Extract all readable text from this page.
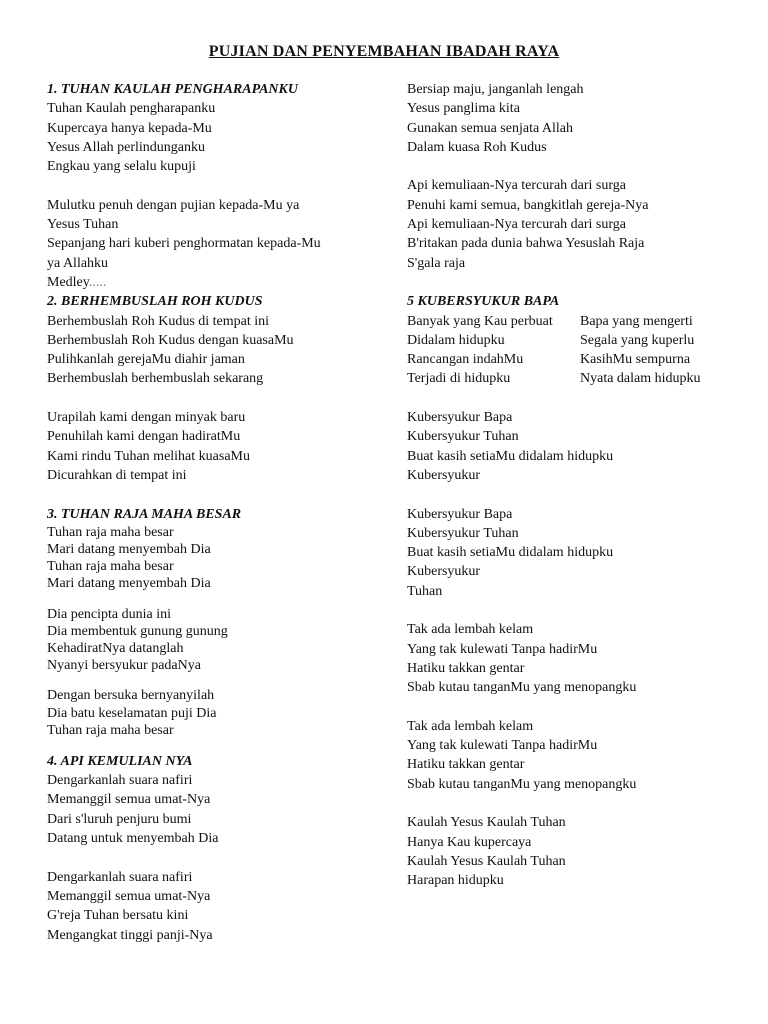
PUJIAN DAN PENYEMBAHAN IBADAH RAYA
1. TUHAN KAULAH PENGHARAPANKU
Tuhan Kaulah pengharapanku
Kupercaya hanya kepada-Mu
Yesus Allah perlindunganku
Engkau yang selalu kupuji
Mulutku penuh dengan pujian kepada-Mu ya
Yesus Tuhan
Sepanjang hari kuberi penghormatan kepada-Mu
ya Allahku
Medley.....
2. BERHEMBUSLAH ROH KUDUS
Berhembuslah Roh Kudus di tempat ini
Berhembuslah Roh Kudus dengan kuasaMu
Pulihkanlah gerejaMu diahir jaman
Berhembuslah berhembuslah sekarang
Urapilah kami dengan minyak baru
Penuhilah kami dengan hadiratMu
Kami rindu Tuhan melihat kuasaMu
Dicurahkan di tempat ini
3. TUHAN RAJA MAHA BESAR
Tuhan raja maha besar
Mari datang menyembah Dia
Tuhan raja maha besar
Mari datang menyembah Dia
Dia pencipta dunia ini
Dia membentuk gunung gunung
KehadiratNya datanglah
Nyanyi bersyukur padaNya
Dengan bersuka bernyanyilah
Dia batu keselamatan puji Dia
Tuhan raja maha besar
4. API KEMULIAN NYA
Dengarkanlah suara nafiri
Memanggil semua umat-Nya
Dari s'luruh penjuru bumi
Datang untuk menyembah Dia
Dengarkanlah suara nafiri
Memanggil semua umat-Nya
G'reja Tuhan bersatu kini
Mengangkat tinggi panji-Nya
Bersiap maju, janganlah lengah
Yesus panglima kita
Gunakan semua senjata Allah
Dalam kuasa Roh Kudus
Api kemuliaan-Nya tercurah dari surga
Penuhi kami semua, bangkitlah gereja-Nya
Api kemuliaan-Nya tercurah dari surga
B'ritakan pada dunia bahwa Yesuslah Raja
S'gala raja
5 KUBERSYUKUR BAPA
Banyak yang Kau perbuat	Bapa yang mengerti
Didalam hidupku	Segala yang kuperlu
Rancangan indahMu	KasihMu sempurna
Terjadi di hidupku	Nyata dalam hidupku
Kubersyukur Bapa
Kubersyukur Tuhan
Buat kasih setiaMu didalam hidupku
Kubersyukur
Kubersyukur Bapa
Kubersyukur Tuhan
Buat kasih setiaMu didalam hidupku
Kubersyukur
Tuhan
Tak ada lembah kelam
Yang tak kulewati Tanpa hadirMu
Hatiku takkan gentar
Sbab kutau tanganMu yang menopangku
Tak ada lembah kelam
Yang tak kulewati Tanpa hadirMu
Hatiku takkan gentar
Sbab kutau tanganMu yang menopangku
Kaulah Yesus Kaulah Tuhan
Hanya Kau kupercaya
Kaulah Yesus Kaulah Tuhan
Harapan hidupku
